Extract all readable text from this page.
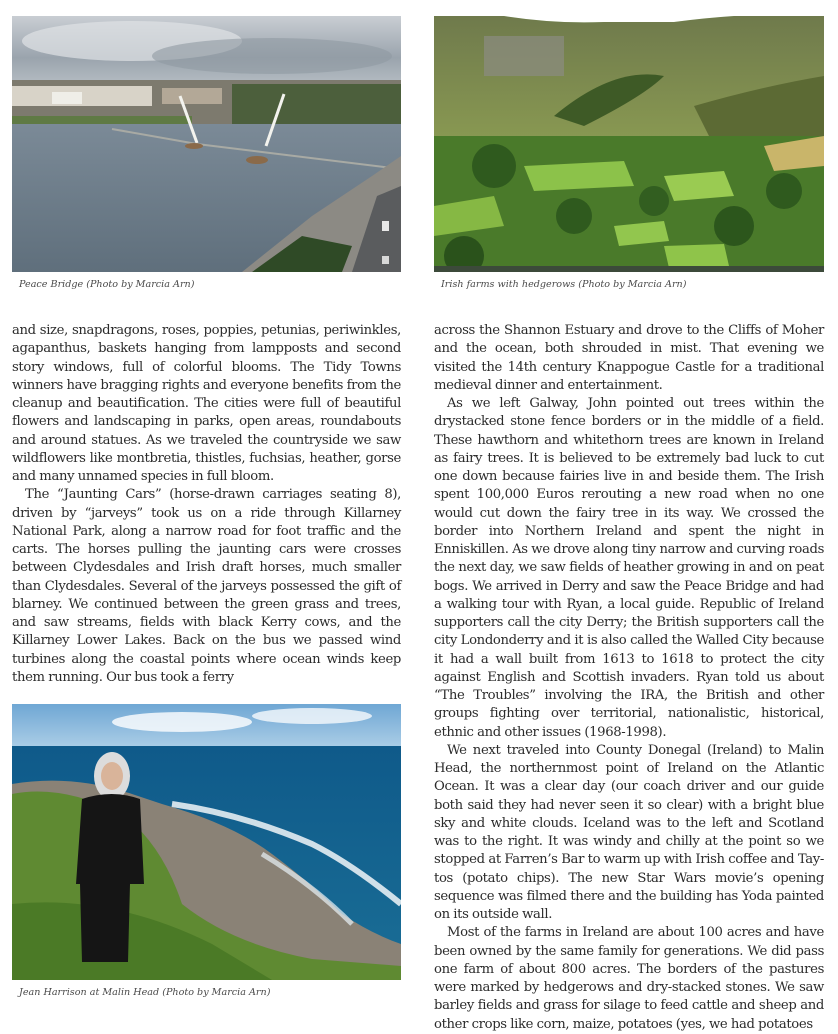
Peace Bridge (Photo by Marcia Arn)	Irish farms with hedgerows (Photo by Marcia Arn)

and size, snapdragons, roses, poppies, petunias, periwinkles, agapanthus, baskets hanging from lampposts and second story windows, full of colorful blooms. The Tidy Towns winners have bragging rights and everyone benefits from the cleanup and beautification. The cities were full of beautiful flowers and landscaping in parks, open areas, roundabouts and around statues. As we traveled the countryside we saw wildflowers like montbretia, thistles, fuchsias, heather, gorse and many unnamed species in full bloom.

The “Jaunting Cars” (horse-drawn carriages seating 8), driven by “jarveys” took us on a ride through Killarney National Park, along a narrow road for foot traffic and the carts. The horses pulling the jaunting cars were crosses between Clydesdales and Irish draft horses, much smaller than Clydesdales. Several of the jarveys possessed the gift of blarney. We continued between the green grass and trees, and saw streams, fields with black Kerry cows, and the Killarney Lower Lakes. Back on the bus we passed wind turbines along the coastal points where ocean winds keep them running. Our bus took a ferry

Jean Harrison at Malin Head (Photo by Marcia Arn)

across the Shannon Estuary and drove to the Cliffs of Moher and the ocean, both shrouded in mist. That evening we visited the 14th century Knappogue Castle for a traditional medieval dinner and entertainment.

As we left Galway, John pointed out trees within the drystacked stone fence borders or in the middle of a field. These hawthorn and whitethorn trees are known in Ireland as fairy trees. It is believed to be extremely bad luck to cut one down because fairies live in and beside them. The Irish spent 100,000 Euros rerouting a new road when no one would cut down the fairy tree in its way. We crossed the border into Northern Ireland and spent the night in Enniskillen. As we drove along tiny narrow and curving roads the next day, we saw fields of heather growing in and on peat bogs. We arrived in Derry and saw the Peace Bridge and had a walking tour with Ryan, a local guide. Republic of Ireland supporters call the city Derry; the British supporters call the city Londonderry and it is also called the Walled City because it had a wall built from 1613 to 1618 to protect the city against English and Scottish invaders. Ryan told us about “The Troubles” involving the IRA, the British and other groups fighting over territorial, nationalistic, historical, ethnic and other issues (1968-1998).

We next traveled into County Donegal (Ireland) to Malin Head, the northernmost point of Ireland on the Atlantic Ocean. It was a clear day (our coach driver and our guide both said they had never seen it so clear) with a bright blue sky and white clouds. Iceland was to the left and Scotland was to the right. It was windy and chilly at the point so we stopped at Farren’s Bar to warm up with Irish coffee and Tay-tos (potato chips). The new Star Wars movie’s opening sequence was filmed there and the building has Yoda painted on its outside wall.

Most of the farms in Ireland are about 100 acres and have been owned by the same family for generations. We did pass one farm of about 800 acres. The borders of the pastures were marked by hedgerows and dry-stacked stones. We saw barley fields and grass for silage to feed cattle and sheep and other crops like corn, maize, potatoes (yes, we had potatoes
